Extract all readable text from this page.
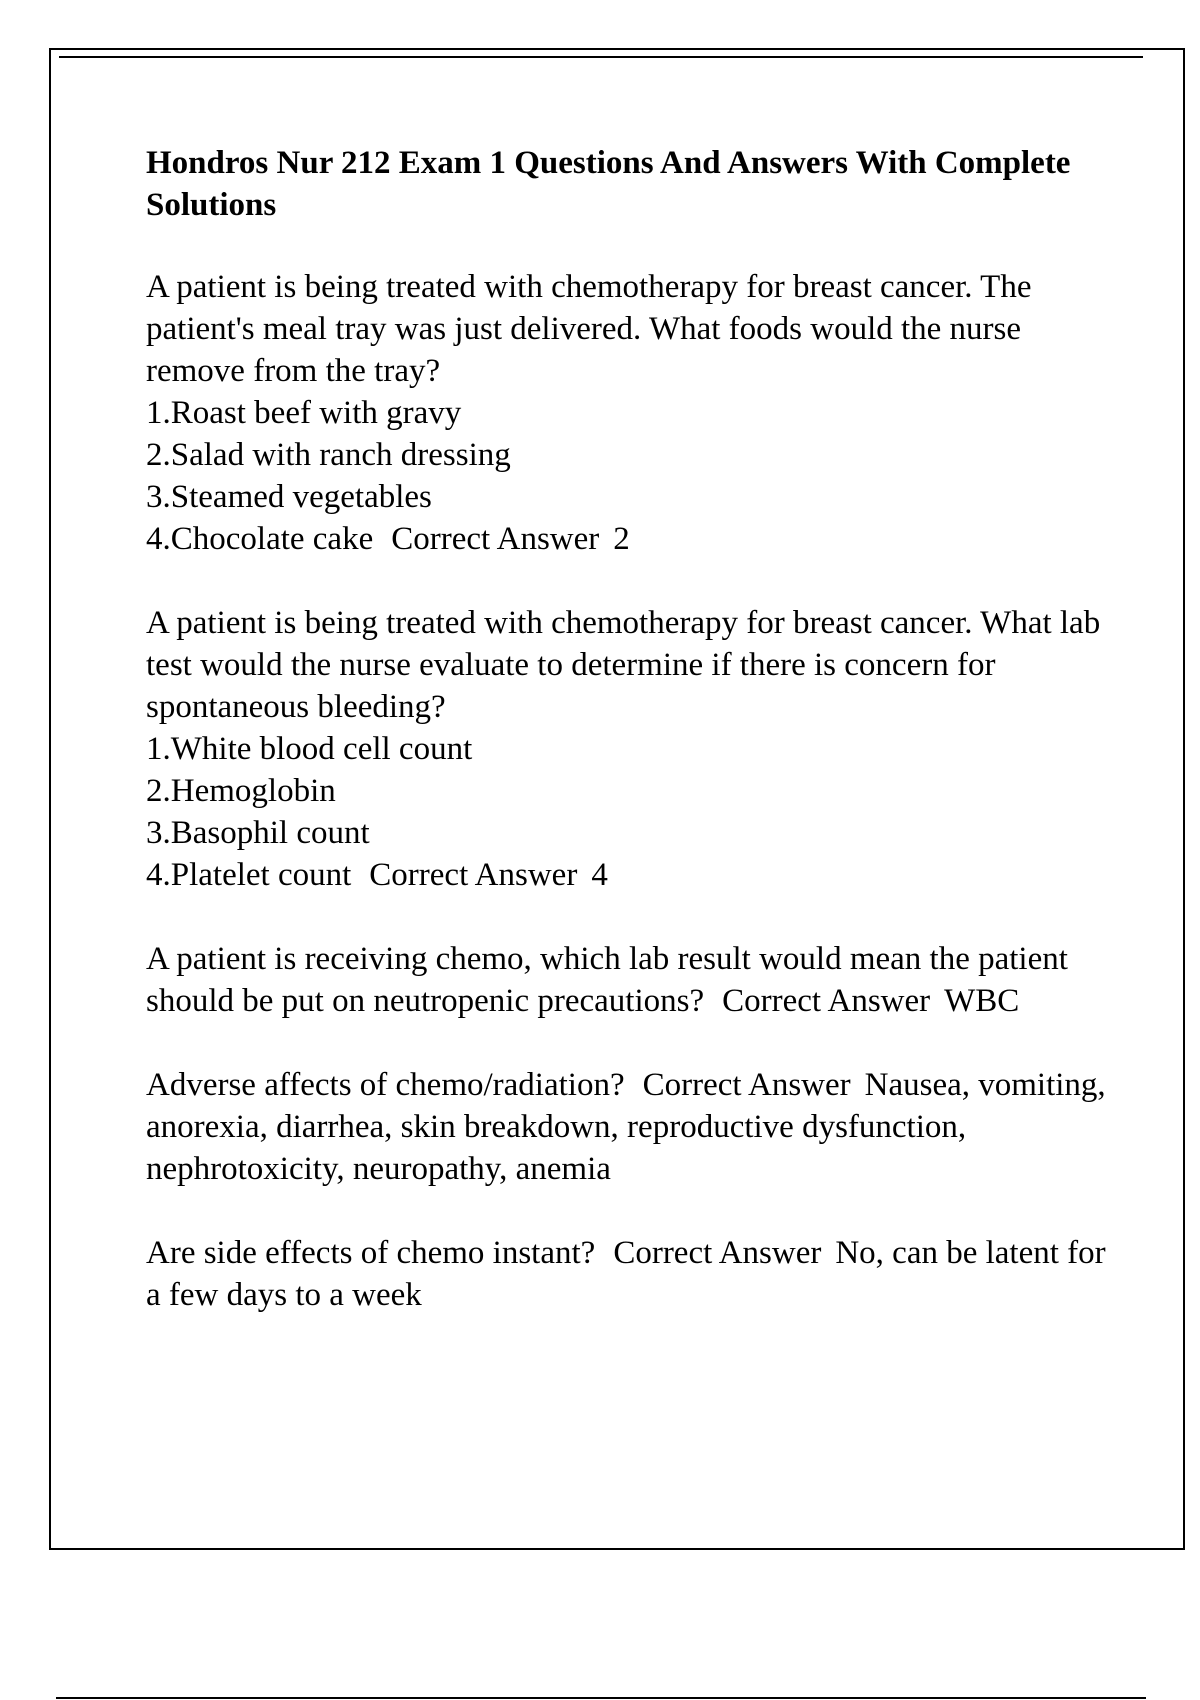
Hondros Nur 212 Exam 1 Questions And Answers With Complete Solutions
A patient is being treated with chemotherapy for breast cancer. The patient's meal tray was just delivered. What foods would the nurse remove from the tray?
1.Roast beef with gravy
2.Salad with ranch dressing
3.Steamed vegetables
4.Chocolate cake Correct Answer 2
A patient is being treated with chemotherapy for breast cancer. What lab test would the nurse evaluate to determine if there is concern for spontaneous bleeding?
1.White blood cell count
2.Hemoglobin
3.Basophil count
4.Platelet count Correct Answer 4
A patient is receiving chemo, which lab result would mean the patient should be put on neutropenic precautions? Correct Answer WBC
Adverse affects of chemo/radiation? Correct Answer Nausea, vomiting, anorexia, diarrhea, skin breakdown, reproductive dysfunction, nephrotoxicity, neuropathy, anemia
Are side effects of chemo instant? Correct Answer No, can be latent for a few days to a week
